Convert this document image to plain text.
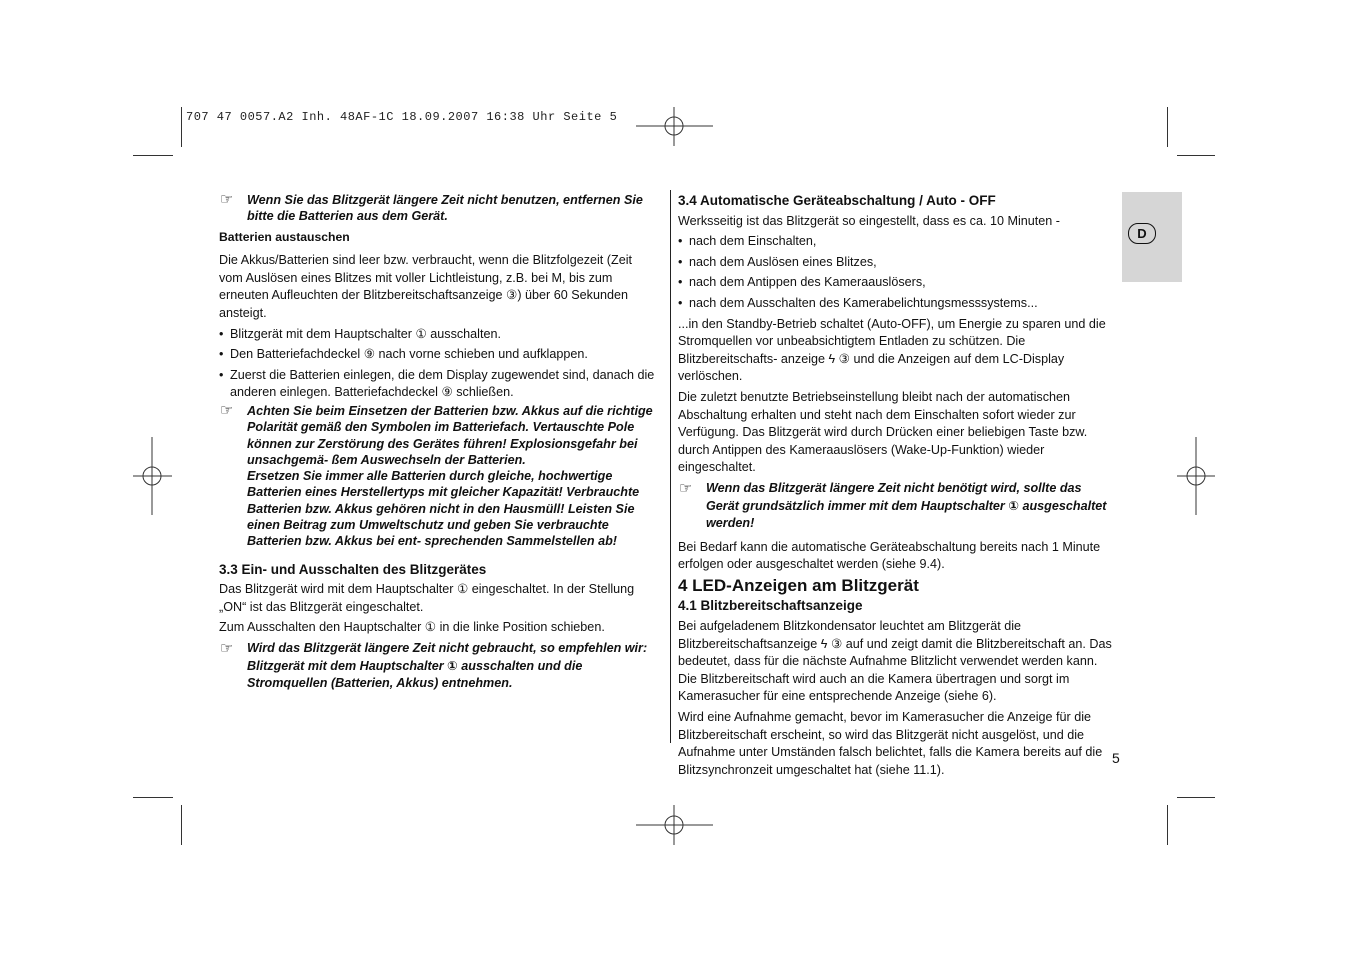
707 47 0057.A2 Inh. 48AF-1C 18.09.2007 16:38 Uhr Seite 5
D
☞ Wenn Sie das Blitzgerät längere Zeit nicht benutzen, entfernen Sie bitte die Batterien aus dem Gerät.

Batterien austauschen

Die Akkus/Batterien sind leer bzw. verbraucht, wenn die Blitzfolgezeit (Zeit vom Auslösen eines Blitzes mit voller Lichtleistung, z.B. bei M, bis zum erneuten Aufleuchten der Blitzbereitschaftsanzeige ③) über 60 Sekunden ansteigt.

• Blitzgerät mit dem Hauptschalter ① ausschalten.
• Den Batteriefachdeckel ⑨ nach vorne schieben und aufklappen.
• Zuerst die Batterien einlegen, die dem Display zugewendet sind, danach die anderen einlegen. Batteriefachdeckel ⑨ schließen.
☞ Achten Sie beim Einsetzen der Batterien bzw. Akkus auf die richtige Polarität gemäß den Symbolen im Batteriefach. Vertauschte Pole können zur Zerstörung des Gerätes führen! Explosionsgefahr bei unsachgemä- ßem Auswechseln der Batterien.
Ersetzen Sie immer alle Batterien durch gleiche, hochwertige Batterien eines Herstellertyps mit gleicher Kapazität! Verbrauchte Batterien bzw. Akkus gehören nicht in den Hausmüll! Leisten Sie einen Beitrag zum Umweltschutz und geben Sie verbrauchte Batterien bzw. Akkus bei ent- sprechenden Sammelstellen ab!

3.3 Ein- und Ausschalten des Blitzgerätes

Das Blitzgerät wird mit dem Hauptschalter ① eingeschaltet. In der Stellung „ON“ ist das Blitzgerät eingeschaltet.

Zum Ausschalten den Hauptschalter ① in die linke Position schieben.

☞ Wird das Blitzgerät längere Zeit nicht gebraucht, so empfehlen wir: Blitzgerät mit dem Hauptschalter ① ausschalten und die Stromquellen (Batterien, Akkus) entnehmen.

3.4 Automatische Geräteabschaltung / Auto - OFF

Werksseitig ist das Blitzgerät so eingestellt, dass es ca. 10 Minuten -

• nach dem Einschalten,
• nach dem Auslösen eines Blitzes,
• nach dem Antippen des Kameraauslösers,
• nach dem Ausschalten des Kamerabelichtungsmesssystems...

...in den Standby-Betrieb schaltet (Auto-OFF), um Energie zu sparen und die Stromquellen vor unbeabsichtigtem Entladen zu schützen. Die Blitzbereitschafts- anzeige ϟ ③ und die Anzeigen auf dem LC-Display verlöschen.

Die zuletzt benutzte Betriebseinstellung bleibt nach der automatischen Abschaltung erhalten und steht nach dem Einschalten sofort wieder zur Verfügung. Das Blitzgerät wird durch Drücken einer beliebigen Taste bzw. durch Antippen des Kameraauslösers (Wake-Up-Funktion) wieder eingeschaltet.

☞ Wenn das Blitzgerät längere Zeit nicht benötigt wird, sollte das Gerät grundsätzlich immer mit dem Hauptschalter ① ausgeschaltet werden!

Bei Bedarf kann die automatische Geräteabschaltung bereits nach 1 Minute erfolgen oder ausgeschaltet werden (siehe 9.4).

4 LED-Anzeigen am Blitzgerät

4.1 Blitzbereitschaftsanzeige

Bei aufgeladenem Blitzkondensator leuchtet am Blitzgerät die Blitzbereitschaftsanzeige ϟ ③ auf und zeigt damit die Blitzbereitschaft an. Das bedeutet, dass für die nächste Aufnahme Blitzlicht verwendet werden kann. Die Blitzbereitschaft wird auch an die Kamera übertragen und sorgt im Kamerasucher für eine entsprechende Anzeige (siehe 6).

Wird eine Aufnahme gemacht, bevor im Kamerasucher die Anzeige für die Blitzbereitschaft erscheint, so wird das Blitzgerät nicht ausgelöst, und die Aufnahme unter Umständen falsch belichtet, falls die Kamera bereits auf die Blitzsynchronzeit umgeschaltet hat (siehe 11.1).

5
